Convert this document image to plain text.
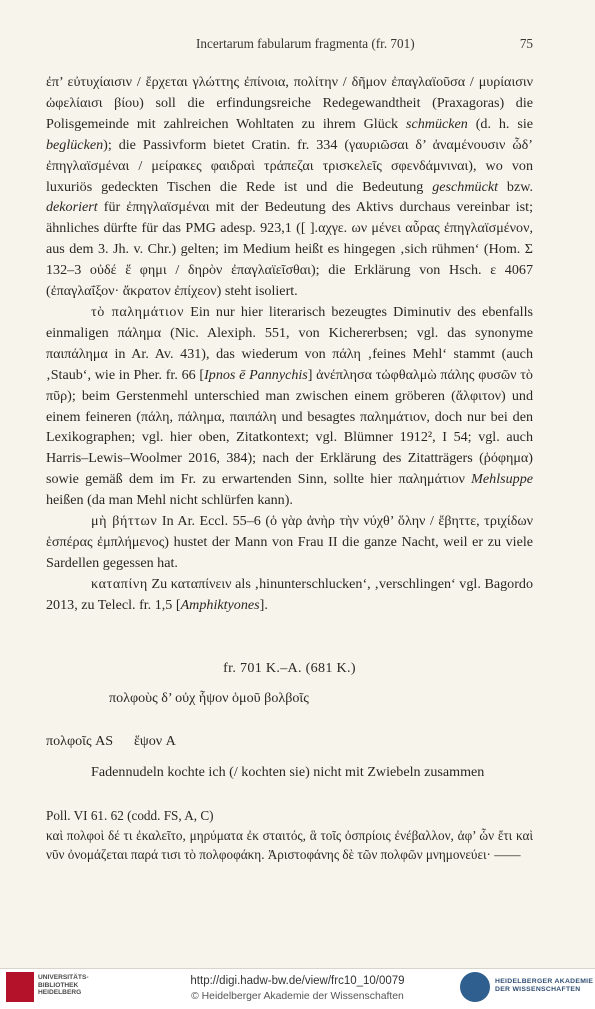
Incertarum fabularum fragmenta (fr. 701)	75

ἐπ’ εὐτυχίαισιν / ἔρχεται γλώττης ἐπίνοια, πολίτην / δῆμον ἐπαγλαϊοῦσα / μυρίαισιν ὠφελίαισι βίου) soll die erfindungsreiche Redegewandtheit (Praxagoras) die Polisgemeinde mit zahlreichen Wohltaten zu ihrem Glück schmücken (d. h. sie beglücken); die Passivform bietet Cratin. fr. 334 (γαυριῶσαι δ’ ἀναμένουσιν ὧδ’ ἐπηγλαϊσμέναι / μείρακες φαιδραὶ τράπεζαι τρισκελεῖς σφενδάμνιναι), wo von luxuriös gedeckten Tischen die Rede ist und die Bedeutung geschmückt bzw. dekoriert für ἐπηγλαϊσμέναι mit der Bedeutung des Aktivs durchaus vereinbar ist; ähnliches dürfte für das PMG adesp. 923,1 ([ ].αχγε. ων μένει αὖρας ἐπηγλαϊσμένον, aus dem 3. Jh. v. Chr.) gelten; im Medium heißt es hingegen ‚sich rühmen‘ (Hom. Σ 132–3 οὐδέ ἕ φημι / δηρὸν ἐπαγλαϊεῖσθαι); die Erklärung von Hsch. ε 4067 (ἐπαγλαΐξον· ἄκρατον ἐπίχεον) steht isoliert.

τὸ παλημάτιον Ein nur hier literarisch bezeugtes Diminutiv des ebenfalls einmaligen πάλημα (Nic. Alexiph. 551, von Kichererbsen; vgl. das synonyme παιπάλημα in Ar. Av. 431), das wiederum von πάλη ‚feines Mehl‘ stammt (auch ‚Staub‘, wie in Pher. fr. 66 [Ipnos ē Pannychis] ἀνέπλησα τὠφθαλμὼ πάλης φυσῶν τὸ πῦρ); beim Gerstenmehl unterschied man zwischen einem gröberen (ἄλφιτον) und einem feineren (πάλη, πάλημα, παιπάλη und besagtes παλημάτιον, doch nur bei den Lexikographen; vgl. hier oben, Zitatkontext; vgl. Blümner 1912², I 54; vgl. auch Harris–Lewis–Woolmer 2016, 384); nach der Erklärung des Zitatträgers (ῥόφημα) sowie gemäß dem im Fr. zu erwartenden Sinn, sollte hier παλημάτιον Mehlsuppe heißen (da man Mehl nicht schlürfen kann).

μὴ βήττων In Ar. Eccl. 55–6 (ὁ γὰρ ἀνὴρ τὴν νύχθ’ ὅλην / ἔβηττε, τριχίδων ἑσπέρας ἐμπλήμενος) hustet der Mann von Frau II die ganze Nacht, weil er zu viele Sardellen gegessen hat.

καταπίνη Zu καταπίνειν als ‚hinunterschlucken‘, ‚verschlingen‘ vgl. Bagordo 2013, zu Telecl. fr. 1,5 [Amphiktyones].

fr. 701 K.–A. (681 K.)
πολφοὺς δ’ οὐχ ἧψον ὁμοῦ βολβοῖς
πολφοῖς AS ἕψον A
Fadennudeln kochte ich (/ kochten sie) nicht mit Zwiebeln zusammen
Poll. VI 61. 62 (codd. FS, A, C)
καὶ πολφοὶ δέ τι ἐκαλεῖτο, μηρύματα ἐκ σταιτός, ἃ τοῖς ὀσπρίοις ἐνέβαλλον, ἀφ’ ὧν ἔτι καὶ νῦν ὀνομάζεται παρά τισι τὸ πολφοφάκη. Ἀριστοφάνης δὲ τῶν πολφῶν μνημονεύει· ——
UNIVERSITÄTS-
BIBLIOTHEK
HEIDELBERG
http://digi.hadw-bw.de/view/frc10_10/0079
© Heidelberger Akademie der Wissenschaften
HEIDELBERGER AKADEMIE
DER WISSENSCHAFTEN
